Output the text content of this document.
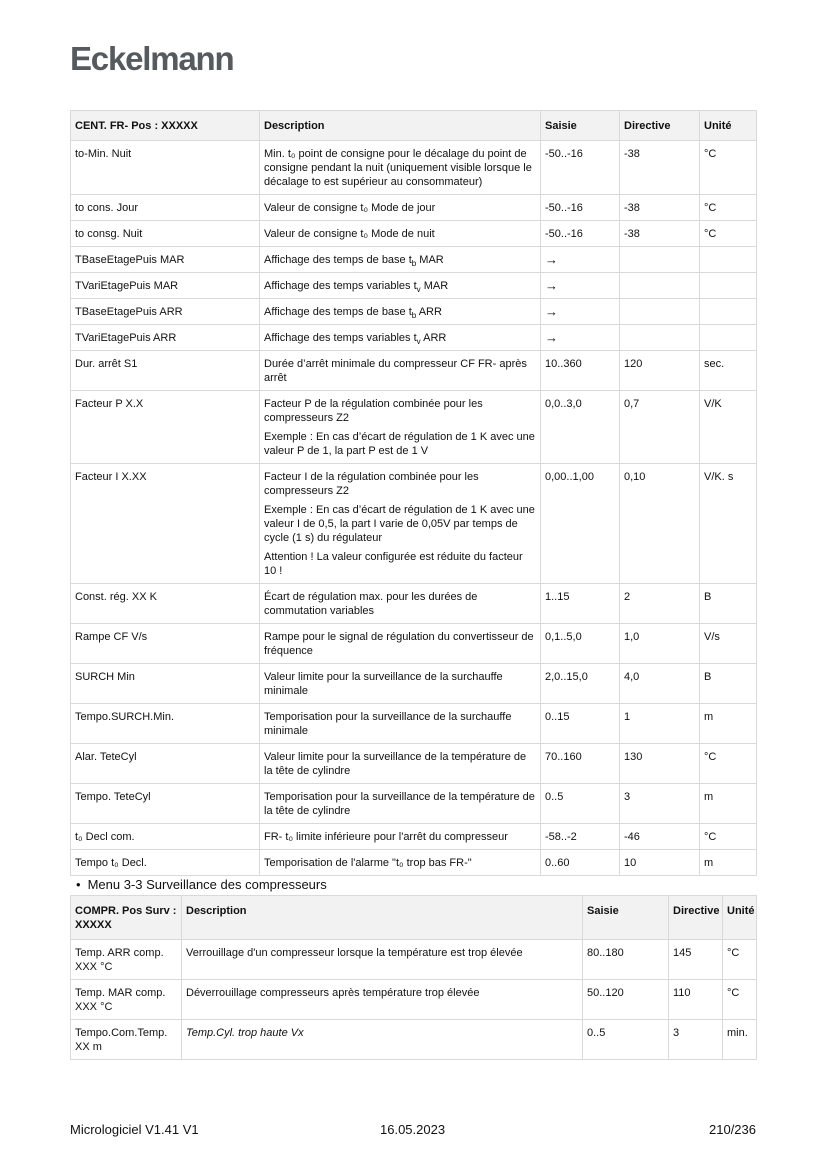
Eckelmann
CENT. FR- Pos : XXXXX	Description	Saisie	Directive	Unité
to-Min. Nuit	Min. t₀ point de consigne pour le décalage du point de consigne pendant la nuit (uniquement visible lorsque le décalage to est supérieur au consommateur)	-50..-16	-38	°C
to cons. Jour	Valeur de consigne t₀ Mode de jour	-50..-16	-38	°C
to consg. Nuit	Valeur de consigne t₀ Mode de nuit	-50..-16	-38	°C
TBaseEtagePuis MAR	Affichage des temps de base $t_b$ MAR	→		
TVariEtagePuis MAR	Affichage des temps variables $t_v$ MAR	→		
TBaseEtagePuis ARR	Affichage des temps de base $t_b$ ARR	→		
TVariEtagePuis ARR	Affichage des temps variables $t_v$ ARR	→		
Dur. arrêt S1	Durée d’arrêt minimale du compresseur CF FR- après arrêt	10..360	120	sec.
Facteur P X.X	Facteur P de la régulation combinée pour les compresseurs Z2

Exemple : En cas d’écart de régulation de 1 K avec une valeur P de 1, la part P est de 1 V	0,0..3,0	0,7	V/K
Facteur I X.XX	Facteur I de la régulation combinée pour les compresseurs Z2

Exemple : En cas d’écart de régulation de 1 K avec une valeur I de 0,5, la part I varie de 0,05V par temps de cycle (1 s) du régulateur

Attention ! La valeur configurée est réduite du facteur 10 !	0,00..1,00	0,10	V/K. s
Const. rég. XX K	Écart de régulation max. pour les durées de commutation variables	1..15	2	B
Rampe CF V/s	Rampe pour le signal de régulation du convertisseur de fréquence	0,1..5,0	1,0	V/s
SURCH Min	Valeur limite pour la surveillance de la surchauffe minimale	2,0..15,0	4,0	B
Tempo.SURCH.Min.	Temporisation pour la surveillance de la surchauffe minimale	0..15	1	m
Alar. TeteCyl	Valeur limite pour la surveillance de la température de la tête de cylindre	70..160	130	°C
Tempo. TeteCyl	Temporisation pour la surveillance de la température de la tête de cylindre	0..5	3	m
t₀ Decl com.	FR- t₀ limite inférieure pour l'arrêt du compresseur	-58..-2	-46	°C
Tempo t₀ Decl.	Temporisation de l'alarme "t₀ trop bas FR-"	0..60	10	m
• Menu 3-3 Surveillance des compresseurs
COMPR. Pos Surv : XXXXX	Description	Saisie	Directive	Unité
Temp. ARR comp. XXX °C	Verrouillage d'un compresseur lorsque la température est trop élevée	80..180	145	°C
Temp. MAR comp. XXX °C	Déverrouillage compresseurs après température trop élevée	50..120	110	°C
Tempo.Com.Temp. XX m	Temp.Cyl. trop haute Vx	0..5	3	min.
Micrologiciel V1.41 V1	16.05.2023	210/236
